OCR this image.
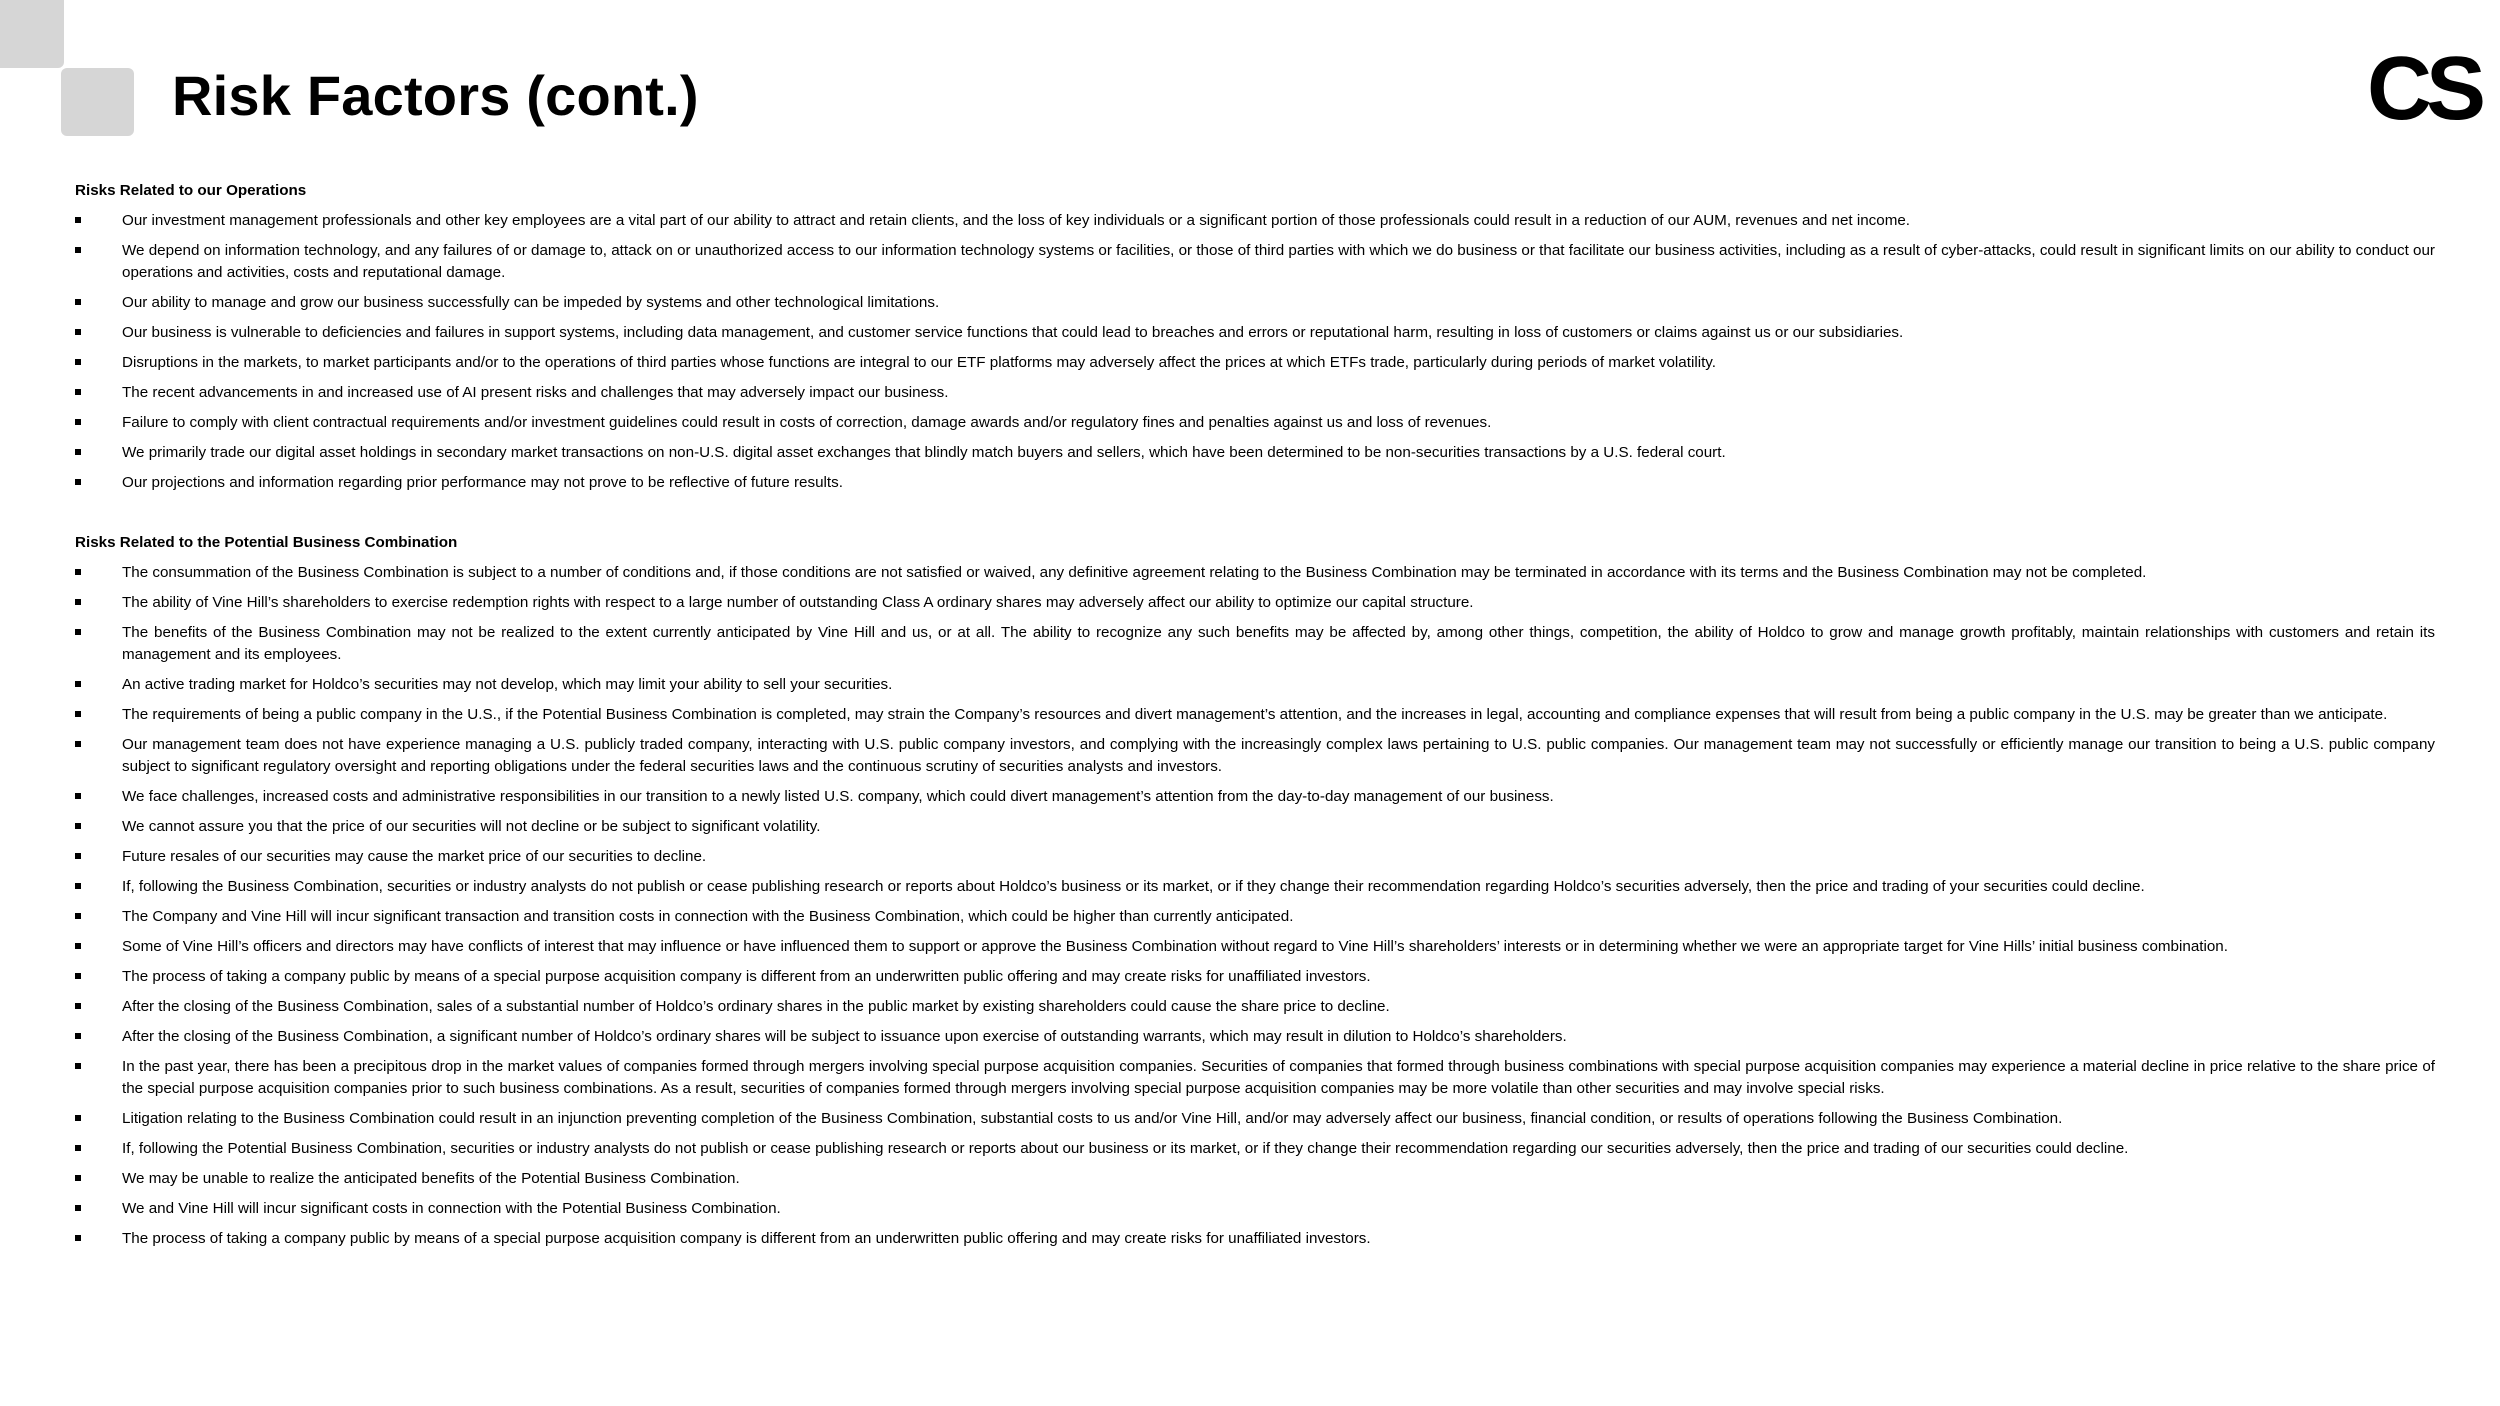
Risk Factors (cont.)	CS
Risks Related to our Operations
Our investment management professionals and other key employees are a vital part of our ability to attract and retain clients, and the loss of key individuals or a significant portion of those professionals could result in a reduction of our AUM, revenues and net income.
We depend on information technology, and any failures of or damage to, attack on or unauthorized access to our information technology systems or facilities, or those of third parties with which we do business or that facilitate our business activities, including as a result of cyber-attacks, could result in significant limits on our ability to conduct our operations and activities, costs and reputational damage.
Our ability to manage and grow our business successfully can be impeded by systems and other technological limitations.
Our business is vulnerable to deficiencies and failures in support systems, including data management, and customer service functions that could lead to breaches and errors or reputational harm, resulting in loss of customers or claims against us or our subsidiaries.
Disruptions in the markets, to market participants and/or to the operations of third parties whose functions are integral to our ETF platforms may adversely affect the prices at which ETFs trade, particularly during periods of market volatility.
The recent advancements in and increased use of AI present risks and challenges that may adversely impact our business.
Failure to comply with client contractual requirements and/or investment guidelines could result in costs of correction, damage awards and/or regulatory fines and penalties against us and loss of revenues.
We primarily trade our digital asset holdings in secondary market transactions on non-U.S. digital asset exchanges that blindly match buyers and sellers, which have been determined to be non-securities transactions by a U.S. federal court.
Our projections and information regarding prior performance may not prove to be reflective of future results.
Risks Related to the Potential Business Combination
The consummation of the Business Combination is subject to a number of conditions and, if those conditions are not satisfied or waived, any definitive agreement relating to the Business Combination may be terminated in accordance with its terms and the Business Combination may not be completed.
The ability of Vine Hill’s shareholders to exercise redemption rights with respect to a large number of outstanding Class A ordinary shares may adversely affect our ability to optimize our capital structure.
The benefits of the Business Combination may not be realized to the extent currently anticipated by Vine Hill and us, or at all. The ability to recognize any such benefits may be affected by, among other things, competition, the ability of Holdco to grow and manage growth profitably, maintain relationships with customers and retain its management and its employees.
An active trading market for Holdco’s securities may not develop, which may limit your ability to sell your securities.
The requirements of being a public company in the U.S., if the Potential Business Combination is completed, may strain the Company’s resources and divert management’s attention, and the increases in legal, accounting and compliance expenses that will result from being a public company in the U.S. may be greater than we anticipate.
Our management team does not have experience managing a U.S. publicly traded company, interacting with U.S. public company investors, and complying with the increasingly complex laws pertaining to U.S. public companies. Our management team may not successfully or efficiently manage our transition to being a U.S. public company subject to significant regulatory oversight and reporting obligations under the federal securities laws and the continuous scrutiny of securities analysts and investors.
We face challenges, increased costs and administrative responsibilities in our transition to a newly listed U.S. company, which could divert management’s attention from the day-to-day management of our business.
We cannot assure you that the price of our securities will not decline or be subject to significant volatility.
Future resales of our securities may cause the market price of our securities to decline.
If, following the Business Combination, securities or industry analysts do not publish or cease publishing research or reports about Holdco’s business or its market, or if they change their recommendation regarding Holdco’s securities adversely, then the price and trading of your securities could decline.
The Company and Vine Hill will incur significant transaction and transition costs in connection with the Business Combination, which could be higher than currently anticipated.
Some of Vine Hill’s officers and directors may have conflicts of interest that may influence or have influenced them to support or approve the Business Combination without regard to Vine Hill’s shareholders’ interests or in determining whether we were an appropriate target for Vine Hills’ initial business combination.
The process of taking a company public by means of a special purpose acquisition company is different from an underwritten public offering and may create risks for unaffiliated investors.
After the closing of the Business Combination, sales of a substantial number of Holdco’s ordinary shares in the public market by existing shareholders could cause the share price to decline.
After the closing of the Business Combination, a significant number of Holdco’s ordinary shares will be subject to issuance upon exercise of outstanding warrants, which may result in dilution to Holdco’s shareholders.
In the past year, there has been a precipitous drop in the market values of companies formed through mergers involving special purpose acquisition companies. Securities of companies that formed through business combinations with special purpose acquisition companies may experience a material decline in price relative to the share price of the special purpose acquisition companies prior to such business combinations. As a result, securities of companies formed through mergers involving special purpose acquisition companies may be more volatile than other securities and may involve special risks.
Litigation relating to the Business Combination could result in an injunction preventing completion of the Business Combination, substantial costs to us and/or Vine Hill, and/or may adversely affect our business, financial condition, or results of operations following the Business Combination.
If, following the Potential Business Combination, securities or industry analysts do not publish or cease publishing research or reports about our business or its market, or if they change their recommendation regarding our securities adversely, then the price and trading of our securities could decline.
We may be unable to realize the anticipated benefits of the Potential Business Combination.
We and Vine Hill will incur significant costs in connection with the Potential Business Combination.
The process of taking a company public by means of a special purpose acquisition company is different from an underwritten public offering and may create risks for unaffiliated investors.
